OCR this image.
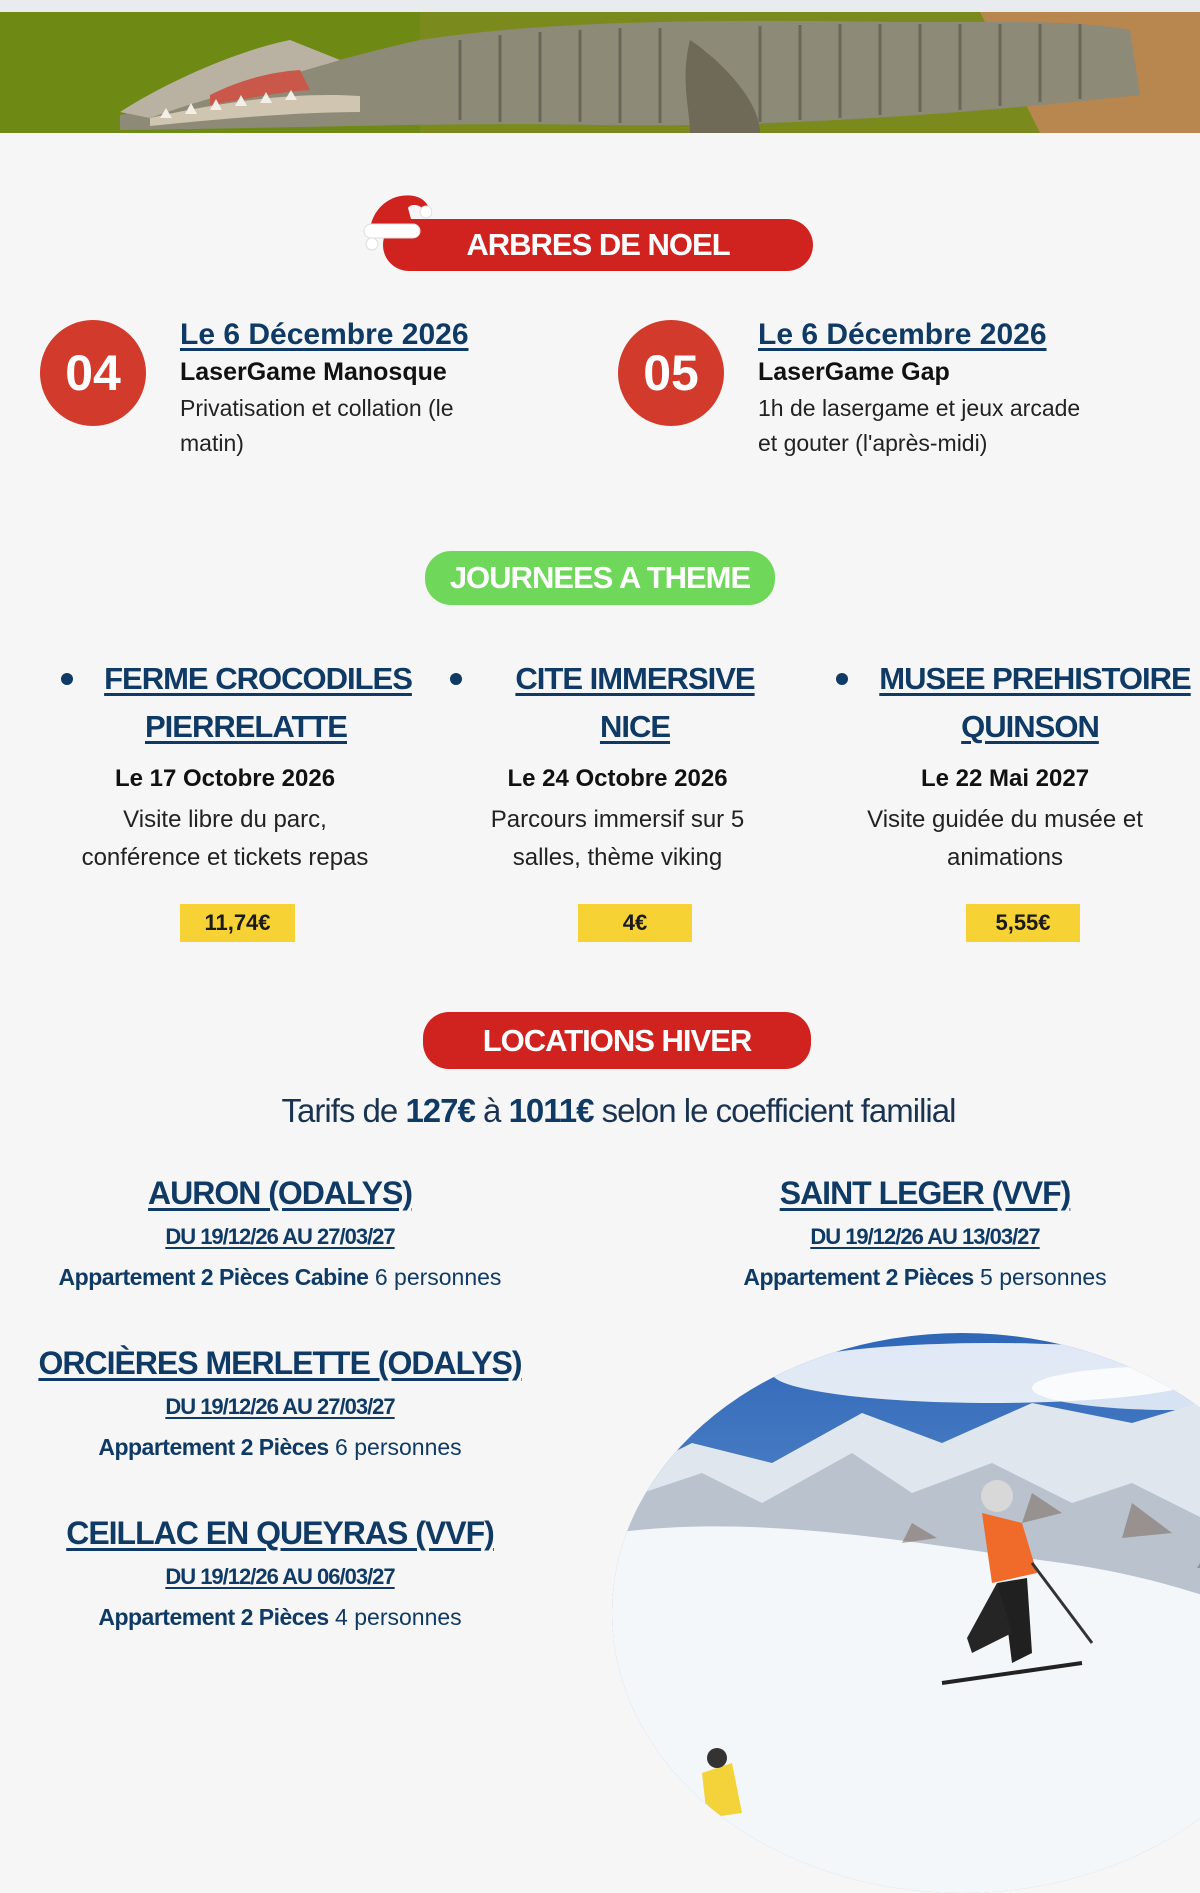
ARBRES DE NOEL
04
Le 6 Décembre 2026
LaserGame Manosque
Privatisation et collation (le
matin)
05
Le 6 Décembre 2026
LaserGame Gap
1h de lasergame et jeux arcade
et gouter (l'après-midi)
JOURNEES A THEME
FERME CROCODILES
PIERRELATTE
Le 17 Octobre 2026
Visite libre du parc,
conférence et tickets repas
11,74€
CITE IMMERSIVE
NICE
Le 24 Octobre 2026
Parcours immersif sur 5
salles, thème viking
4€
MUSEE PREHISTOIRE
QUINSON
Le 22 Mai 2027
Visite guidée du musée et
animations
5,55€
LOCATIONS HIVER
Tarifs de 127€ à 1011€ selon le coefficient familial
AURON (ODALYS)
DU 19/12/26 AU 27/03/27
Appartement 2 Pièces Cabine 6 personnes
SAINT LEGER (VVF)
DU 19/12/26 AU 13/03/27
Appartement 2 Pièces 5 personnes
ORCIÈRES MERLETTE (ODALYS)
DU 19/12/26 AU 27/03/27
Appartement 2 Pièces 6 personnes
CEILLAC EN QUEYRAS (VVF)
DU 19/12/26 AU 06/03/27
Appartement 2 Pièces 4 personnes
